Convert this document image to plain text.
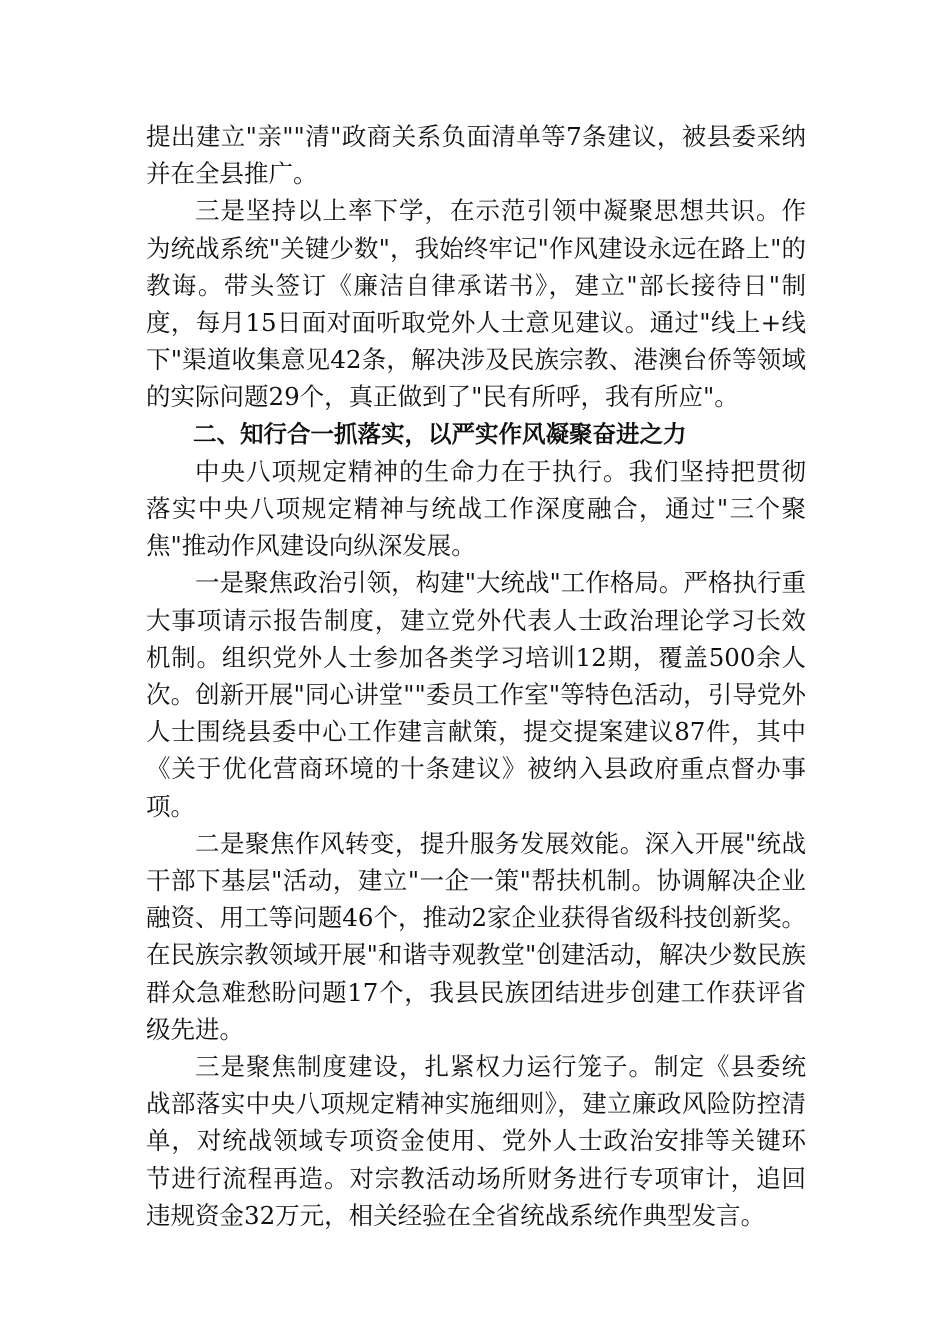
提出建立"亲""清"政商关系负面清单等7条建议，被县委采纳并在全县推广。

三是坚持以上率下学，在示范引领中凝聚思想共识。作为统战系统"关键少数"，我始终牢记"作风建设永远在路上"的教诲。带头签订《廉洁自律承诺书》，建立"部长接待日"制度，每月15日面对面听取党外人士意见建议。通过"线上+线下"渠道收集意见42条，解决涉及民族宗教、港澳台侨等领域的实际问题29个，真正做到了"民有所呼，我有所应"。

二、知行合一抓落实，以严实作风凝聚奋进之力

中央八项规定精神的生命力在于执行。我们坚持把贯彻落实中央八项规定精神与统战工作深度融合，通过"三个聚焦"推动作风建设向纵深发展。

一是聚焦政治引领，构建"大统战"工作格局。严格执行重大事项请示报告制度，建立党外代表人士政治理论学习长效机制。组织党外人士参加各类学习培训12期，覆盖500余人次。创新开展"同心讲堂""委员工作室"等特色活动，引导党外人士围绕县委中心工作建言献策，提交提案建议87件，其中《关于优化营商环境的十条建议》被纳入县政府重点督办事项。

二是聚焦作风转变，提升服务发展效能。深入开展"统战干部下基层"活动，建立"一企一策"帮扶机制。协调解决企业融资、用工等问题46个，推动2家企业获得省级科技创新奖。在民族宗教领域开展"和谐寺观教堂"创建活动，解决少数民族群众急难愁盼问题17个，我县民族团结进步创建工作获评省级先进。

三是聚焦制度建设，扎紧权力运行笼子。制定《县委统战部落实中央八项规定精神实施细则》，建立廉政风险防控清单，对统战领域专项资金使用、党外人士政治安排等关键环节进行流程再造。对宗教活动场所财务进行专项审计，追回违规资金32万元，相关经验在全省统战系统作典型发言。
